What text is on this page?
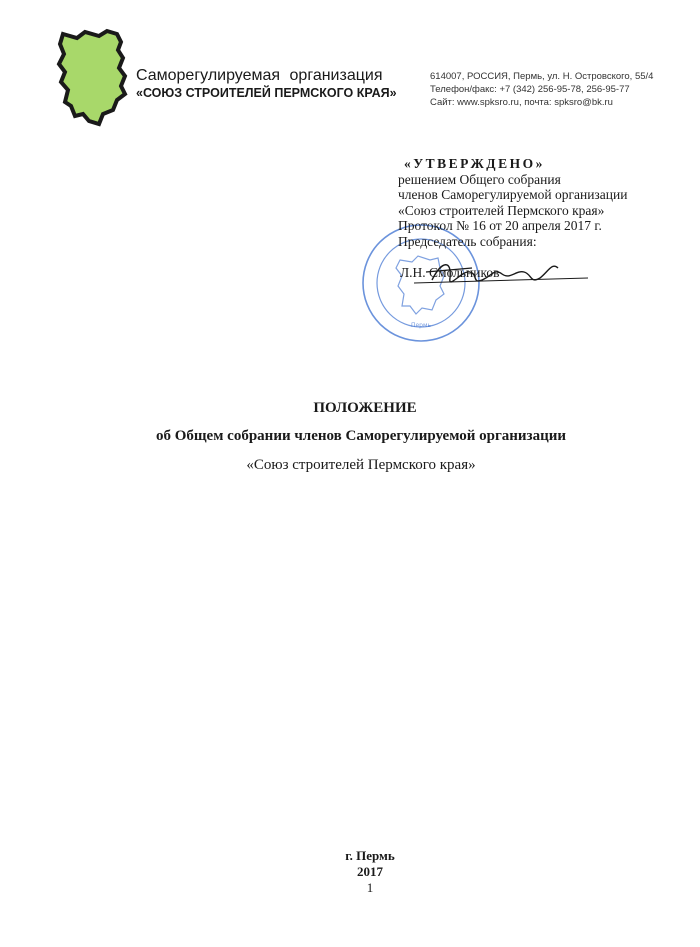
Саморегулируемая организация
«СОЮЗ СТРОИТЕЛЕЙ ПЕРМСКОГО КРАЯ»
614007, РОССИЯ, Пермь, ул. Н. Островского, 55/4
Телефон/факс: +7 (342) 256-95-78, 256-95-77
Сайт: www.spksro.ru, почта: spksro@bk.ru
Пермь
«УТВЕРЖДЕНО»
решением Общего собрания
членов Саморегулируемой организации
«Союз строителей Пермского края»
Протокол № 16 от 20 апреля 2017 г.
Председатель собрания:
Л.Н. Смольников
ПОЛОЖЕНИЕ
об Общем собрании членов Саморегулируемой организации
«Союз строителей Пермского края»
г. Пермь
2017
1
